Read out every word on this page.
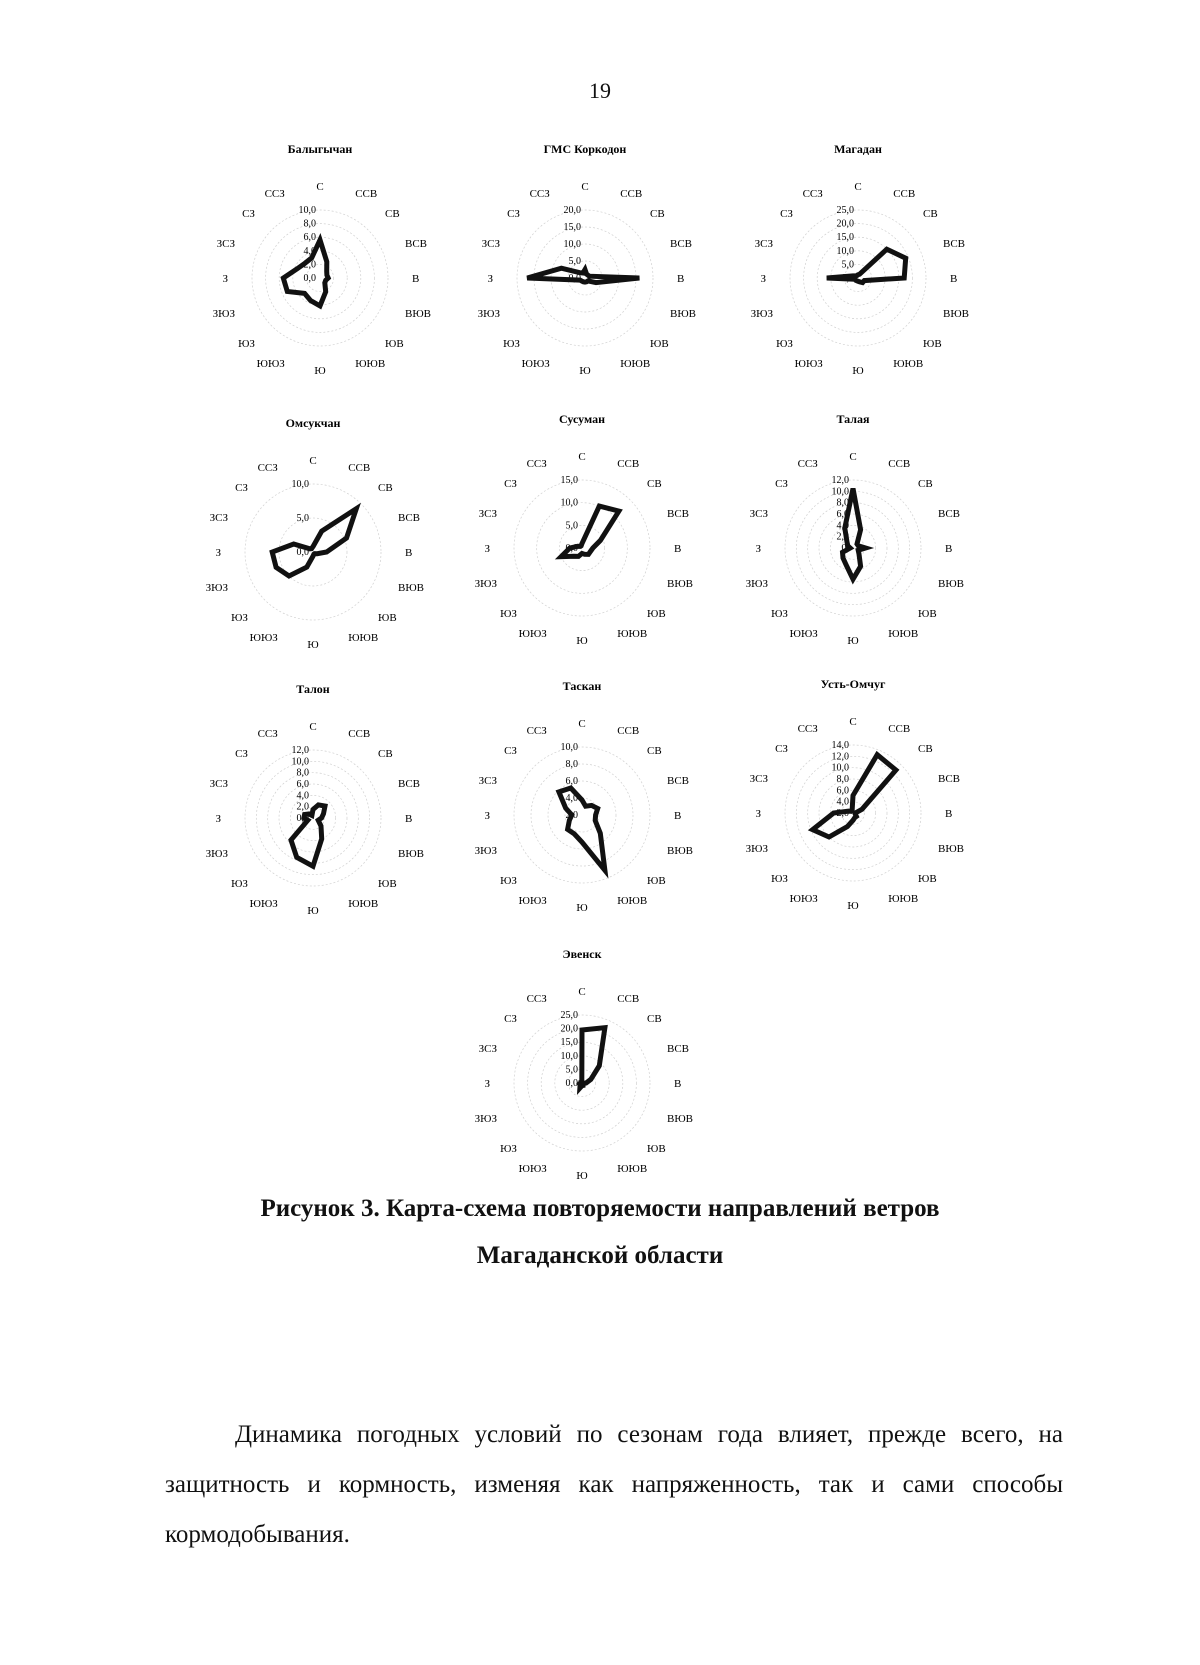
19
Балыгычан
0,0
2,0
4,0
6,0
8,0
10,0
С
ССВ
СВ
ВСВ
В
ВЮВ
ЮВ
ЮЮВ
Ю
ЮЮЗ
ЮЗ
ЗЮЗ
З
ЗСЗ
СЗ
ССЗ
ГМС Коркодон
0,0
5,0
10,0
15,0
20,0
С
ССВ
СВ
ВСВ
В
ВЮВ
ЮВ
ЮЮВ
Ю
ЮЮЗ
ЮЗ
ЗЮЗ
З
ЗСЗ
СЗ
ССЗ
Магадан
0,0
5,0
10,0
15,0
20,0
25,0
С
ССВ
СВ
ВСВ
В
ВЮВ
ЮВ
ЮЮВ
Ю
ЮЮЗ
ЮЗ
ЗЮЗ
З
ЗСЗ
СЗ
ССЗ
Омсукчан
0,0
5,0
10,0
С
ССВ
СВ
ВСВ
В
ВЮВ
ЮВ
ЮЮВ
Ю
ЮЮЗ
ЮЗ
ЗЮЗ
З
ЗСЗ
СЗ
ССЗ
Сусуман
0,0
5,0
10,0
15,0
С
ССВ
СВ
ВСВ
В
ВЮВ
ЮВ
ЮЮВ
Ю
ЮЮЗ
ЮЗ
ЗЮЗ
З
ЗСЗ
СЗ
ССЗ
Талая
0,
2,0
4,0
6,0
8,0
10,0
12,0
С
ССВ
СВ
ВСВ
В
ВЮВ
ЮВ
ЮЮВ
Ю
ЮЮЗ
ЮЗ
ЗЮЗ
З
ЗСЗ
СЗ
ССЗ
Талон
0,0
2,0
4,0
6,0
8,0
10,0
12,0
С
ССВ
СВ
ВСВ
В
ВЮВ
ЮВ
ЮЮВ
Ю
ЮЮЗ
ЮЗ
ЗЮЗ
З
ЗСЗ
СЗ
ССЗ
Таскан
2,0
4,0
6,0
8,0
10,0
С
ССВ
СВ
ВСВ
В
ВЮВ
ЮВ
ЮЮВ
Ю
ЮЮЗ
ЮЗ
ЗЮЗ
З
ЗСЗ
СЗ
ССЗ
Усть-Омчуг
2,0
4,0
6,0
8,0
10,0
12,0
14,0
С
ССВ
СВ
ВСВ
В
ВЮВ
ЮВ
ЮЮВ
Ю
ЮЮЗ
ЮЗ
ЗЮЗ
З
ЗСЗ
СЗ
ССЗ
Эвенск
0,0
5,0
10,0
15,0
20,0
25,0
С
ССВ
СВ
ВСВ
В
ВЮВ
ЮВ
ЮЮВ
Ю
ЮЮЗ
ЮЗ
ЗЮЗ
З
ЗСЗ
СЗ
ССЗ

Рисунок 3. Карта-схема повторяемости направлений ветров

Магаданской области

Динамика погодных условий по сезонам года влияет, прежде всего, на защитность и кормность, изменяя как напряженность, так и сами способы кормодобывания.
